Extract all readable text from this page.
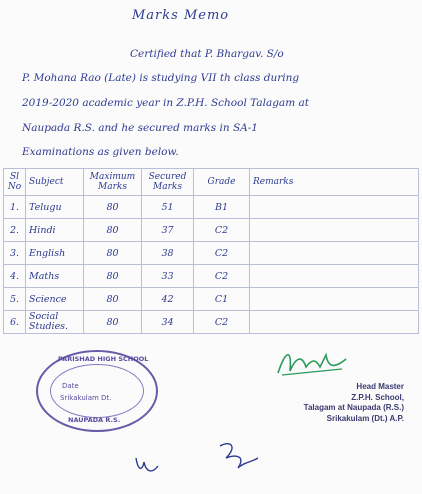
Marks Memo
Certified that P. Bhargav. S/o
P. Mohana Rao (Late) is studying VII th class during
2019-2020 academic year in Z.P.H. School Talagam at
Naupada R.S. and he secured marks in SA-1
Examinations as given below.
Sl No	Subject	Maximum Marks	Secured Marks	Grade	Remarks
1.	Telugu	80	51	B1	
2.	Hindi	80	37	C2	
3.	English	80	38	C2	
4.	Maths	80	33	C2	
5.	Science	80	42	C1	
6.	Social Studies.	80	34	C2	
PARISHAD HIGH SCHOOL
Date
Srikakulam Dt.
NAUPADA R.S.
Head Master
Z.P.H. School,
Talagam at Naupada (R.S.)
Srikakulam (Dt.) A.P.
